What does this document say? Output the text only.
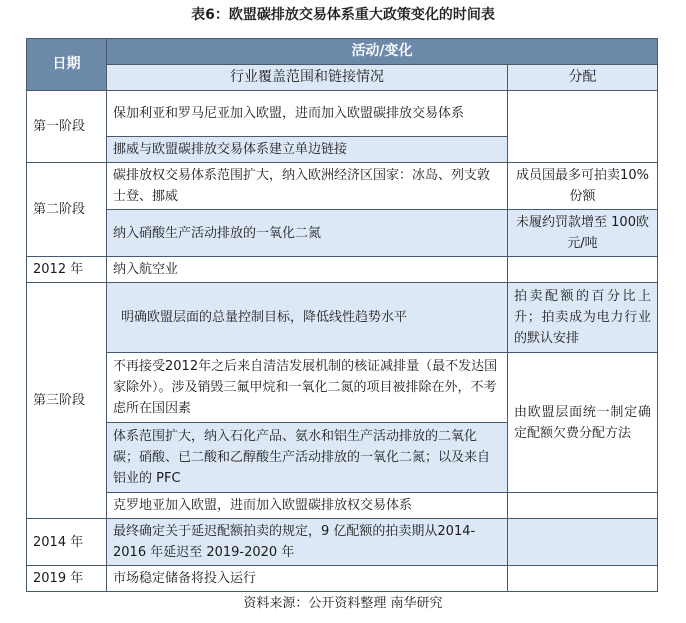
表6：欧盟碳排放交易体系重大政策变化的时间表
日期	活动/变化	
	行业覆盖范围和链接情况	分配
第一阶段	保加利亚和罗马尼亚加入欧盟，进而加入欧盟碳排放交易体系	
	挪威与欧盟碳排放交易体系建立单边链接	
第二阶段	碳排放权交易体系范围扩大，纳入欧洲经济区国家：冰岛、列支敦士登、挪威	成员国最多可拍卖10%份额
	纳入硝酸生产活动排放的一氧化二氮	未履约罚款增至 100欧元/吨
2012 年	纳入航空业	
第三阶段	明确欧盟层面的总量控制目标，降低线性趋势水平	拍卖配额的百分比上升；拍卖成为电力行业的默认安排
	不再接受2012年之后来自清洁发展机制的核证减排量（最不发达国家除外）。涉及销毁三氟甲烷和一氧化二氮的项目被排除在外，不考虑所在国因素	由欧盟层面统一制定确定配额欠费分配方法
	体系范围扩大，纳入石化产品、氨水和铝生产活动排放的二氧化碳；硝酸、已二酸和乙醇酸生产活动排放的一氧化二氮；以及来自铝业的 PFC	
	克罗地亚加入欧盟，进而加入欧盟碳排放权交易体系	
2014 年	最终确定关于延迟配额拍卖的规定，9 亿配额的拍卖期从2014-2016 年延迟至 2019-2020 年	
2019 年	市场稳定储备将投入运行	
资料来源：公开资料整理 南华研究
